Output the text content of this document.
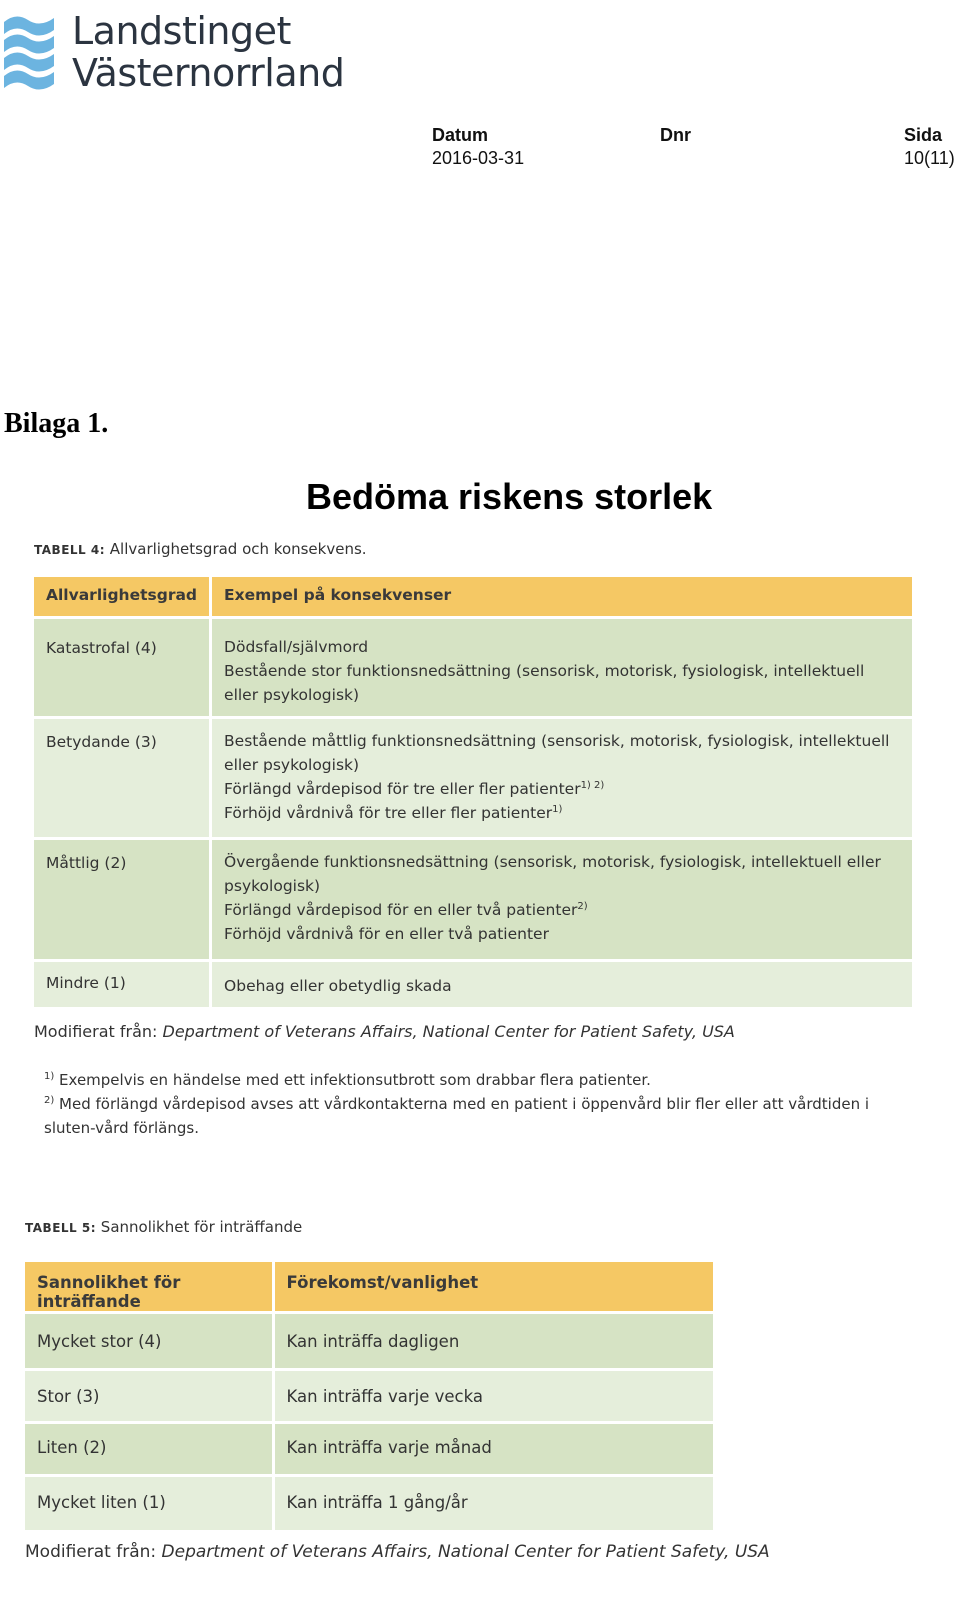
Landstinget
Västernorrland
Datum
2016-03-31
Dnr	Sida
10(11)
Bilaga 1.
Bedöma riskens storlek
TABELL 4: Allvarlighetsgrad och konsekvens.
Allvarlighetsgrad	Exempel på konsekvenser
Katastrofal (4)	Dödsfall/självmord
Bestående stor funktionsnedsättning (sensorisk, motorisk, fysiologisk, intellektuell
eller psykologisk)

Betydande (3)	Bestående måttlig funktionsnedsättning (sensorisk, motorisk, fysiologisk, intellektuell
eller psykologisk)
Förlängd vårdepisod för tre eller fler patienter$^{1) 2)}$
Förhöjd vårdnivå för tre eller fler patienter$^{1)}$

Måttlig (2)	Övergående funktionsnedsättning (sensorisk, motorisk, fysiologisk, intellektuell eller
psykologisk)
Förlängd vårdepisod för en eller två patienter$^{2)}$
Förhöjd vårdnivå för en eller två patienter

Mindre (1)	Obehag eller obetydlig skada
Modifierat från: Department of Veterans Affairs, National Center for Patient Safety, USA
$^{1)}$ Exempelvis en händelse med ett infektionsutbrott som drabbar flera patienter.
$^{2)}$ Med förlängd vårdepisod avses att vårdkontakterna med en patient i öppenvård blir fler eller att vårdtiden i sluten-vård förlängs.
TABELL 5: Sannolikhet för inträffande
Sannolikhet för inträffande	Förekomst/vanlighet
Mycket stor (4)	Kan inträffa dagligen
Stor (3)	Kan inträffa varje vecka
Liten (2)	Kan inträffa varje månad
Mycket liten (1)	Kan inträffa 1 gång/år
Modifierat från: Department of Veterans Affairs, National Center for Patient Safety, USA
